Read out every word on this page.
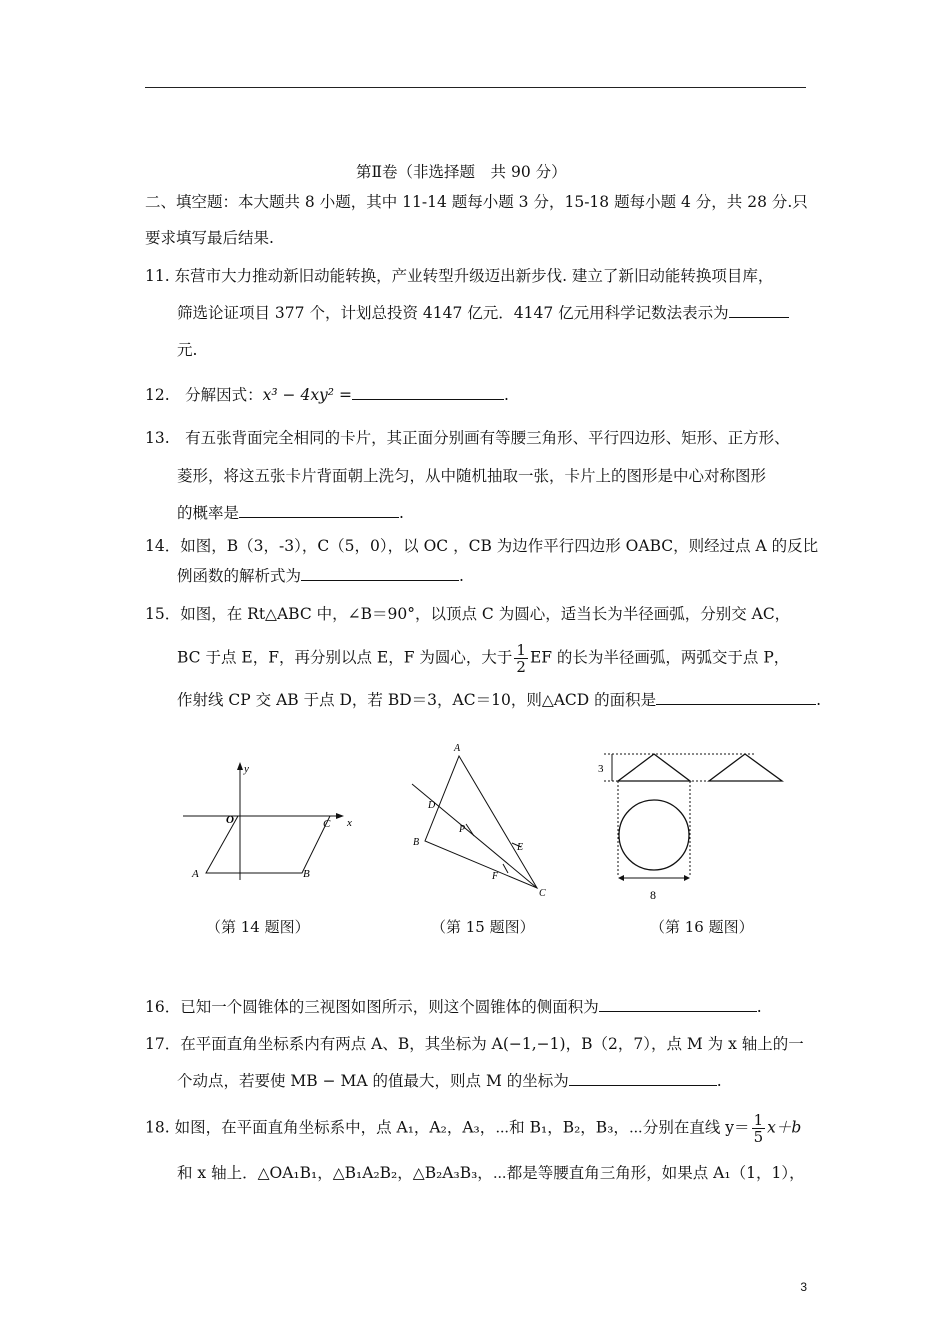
第Ⅱ卷（非选择题　共 90 分）
二、填空题：本大题共 8 小题，其中 11-14 题每小题 3 分，15-18 题每小题 4 分，共 28 分.只
要求填写最后结果.
11. 东营市大力推动新旧动能转换，产业转型升级迈出新步伐. 建立了新旧动能转换项目库，
筛选论证项目 377 个，计划总投资 4147 亿元．4147 亿元用科学记数法表示为
元.
12.　分解因式：x³ − 4xy² =	.
13.　有五张背面完全相同的卡片，其正面分别画有等腰三角形、平行四边形、矩形、正方形、
菱形，将这五张卡片背面朝上洗匀，从中随机抽取一张，卡片上的图形是中心对称图形
的概率是	.
14．如图，B（3，-3），C（5，0），以 OC ，CB 为边作平行四边形 OABC，则经过点 A 的反比
例函数的解析式为	.
15．如图，在 Rt△ABC 中，∠B＝90°，以顶点 C 为圆心，适当长为半径画弧，分别交 AC，
BC 于点 E，F，再分别以点 E，F 为圆心，大于 $\frac{1}{2}$ EF 的长为半径画弧，两弧交于点 P，
作射线 CP 交 AB 于点 D，若 BD＝3，AC＝10，则△ACD 的面积是	.
y
x
O	C
A	B
A
D
P
B	E
F
C
3
8
（第 14 题图）	（第 15 题图）	（第 16 题图）
16．已知一个圆锥体的三视图如图所示，则这个圆锥体的侧面积为	.
17．在平面直角坐标系内有两点 A、B，其坐标为 A(−1,−1)，B（2，7），点 M 为 x 轴上的一
个动点，若要使 MB − MA 的值最大，则点 M 的坐标为	.
18. 如图，在平面直角坐标系中，点 A₁，A₂，A₃，⋯和 B₁，B₂，B₃，⋯分别在直线 $y= \frac{1}{5} x+b$
和 x 轴上．△OA₁B₁，△B₁A₂B₂，△B₂A₃B₃，⋯都是等腰直角三角形，如果点 A₁（1，1），
3
